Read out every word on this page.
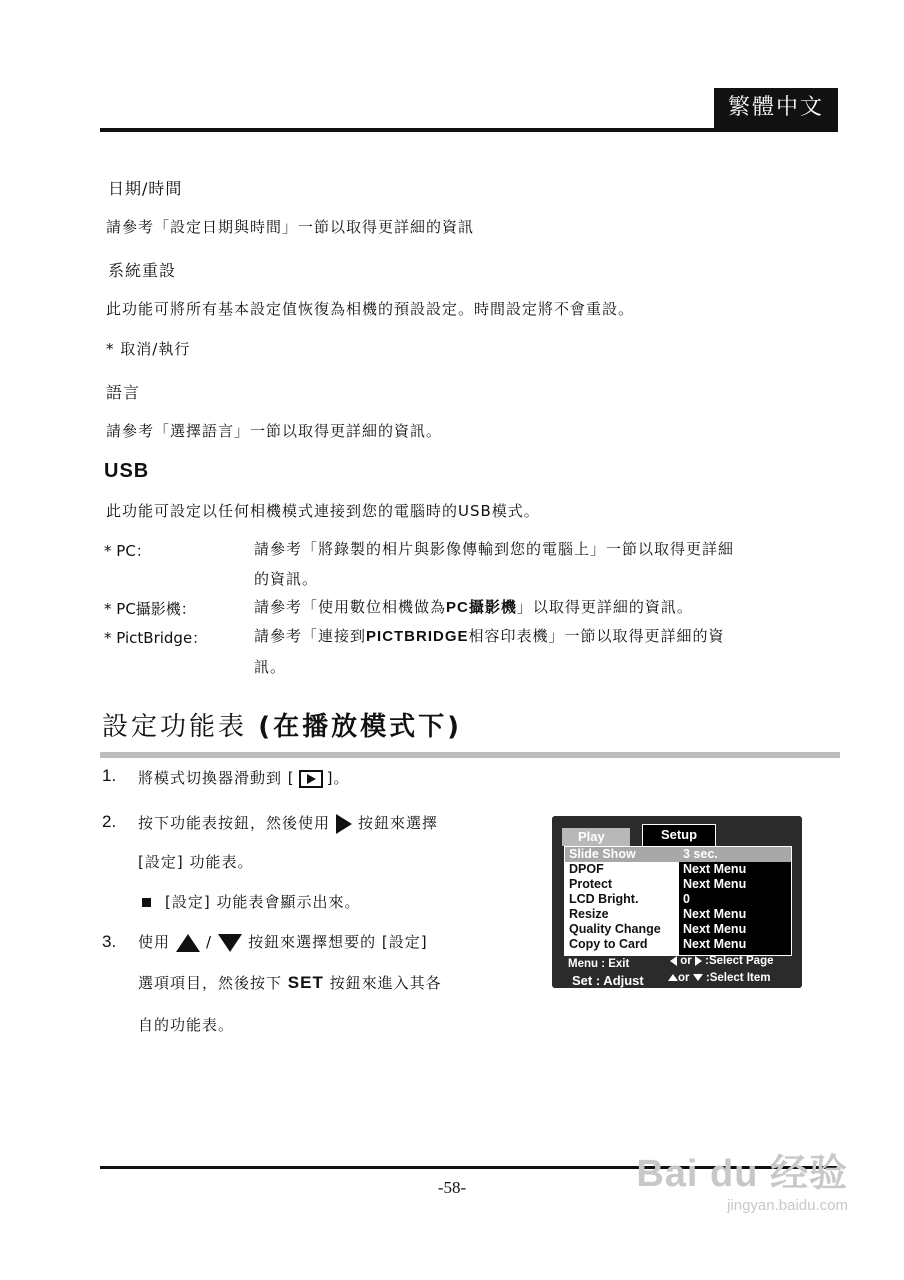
繁體中文
日期/時間
請參考「設定日期與時間」一節以取得更詳細的資訊
系統重設
此功能可將所有基本設定值恢復為相機的預設設定。時間設定將不會重設。
* 取消/執行
語言
請參考「選擇語言」一節以取得更詳細的資訊。
USB
此功能可設定以任何相機模式連接到您的電腦時的USB模式。
* PC：	請參考「將錄製的相片與影像傳輸到您的電腦上」一節以取得更詳細
的資訊。
* PC攝影機：	請參考「使用數位相機做為PC攝影機」以取得更詳細的資訊。
* PictBridge：	請參考「連接到PICTBRIDGE相容印表機」一節以取得更詳細的資
訊。
設定功能表 (在播放模式下)
1. 將模式切換器滑動到 [ ]。
2. 按下功能表按鈕，然後使用 按鈕來選擇
[設定] 功能表。
[設定] 功能表會顯示出來。
3. 使用 / 按鈕來選擇想要的 [設定]
選項項目，然後按下 SET 按鈕來進入其各
自的功能表。
Play	Setup
Slide Show	3 sec.
DPOF	Next Menu
Protect	Next Menu
LCD Bright.	0
Resize	Next Menu
Quality Change Next Menu
Copy to Card	Next Menu
Menu : Exit
Set : Adjust
or :Select Page
or :Select Item
-58-	Bai du 经验
jingyan.baidu.com
